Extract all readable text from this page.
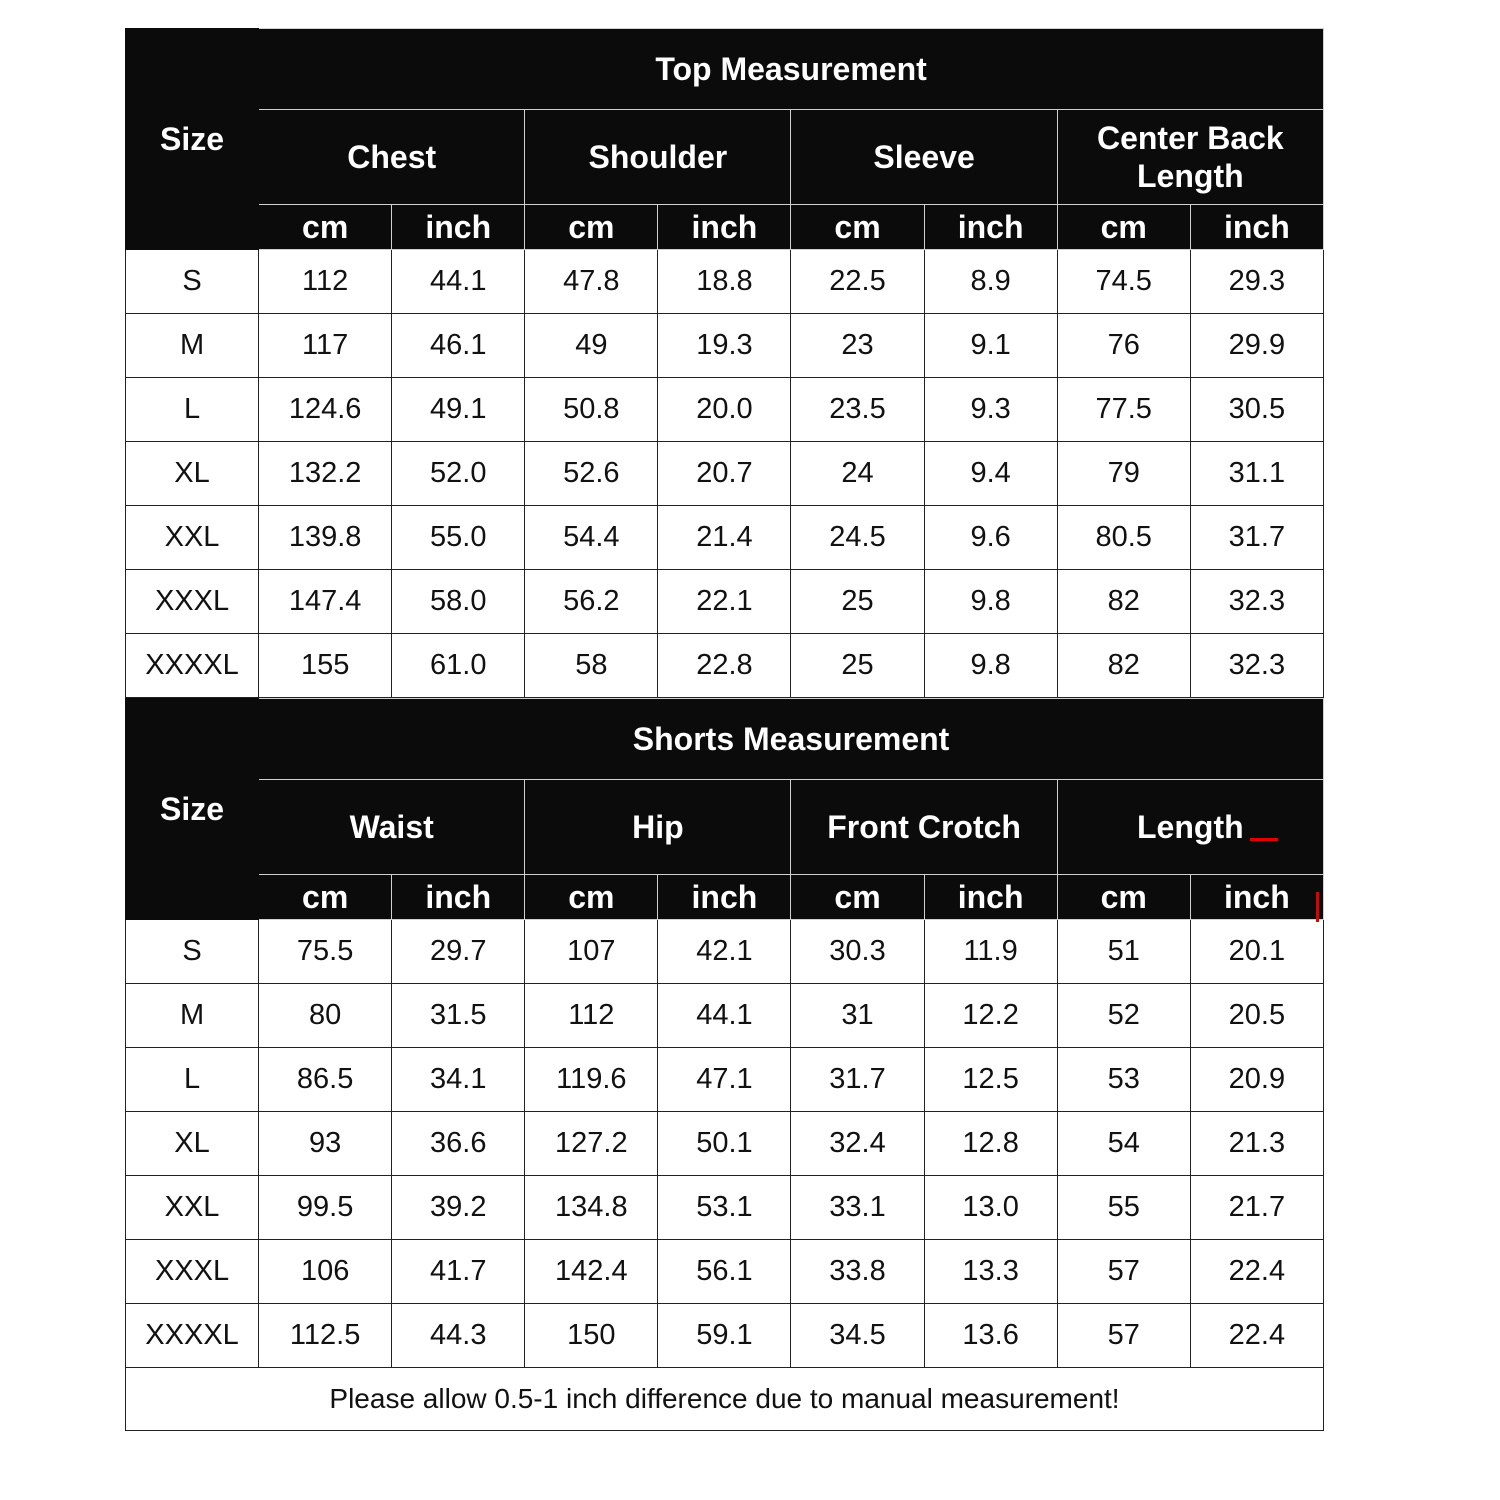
Size	Top Measurement							
	Chest		Shoulder		Sleeve		Center Back Length	
	cm	inch	cm	inch	cm	inch	cm	inch
S	112	44.1	47.8	18.8	22.5	8.9	74.5	29.3
M	117	46.1	49	19.3	23	9.1	76	29.9
L	124.6	49.1	50.8	20.0	23.5	9.3	77.5	30.5
XL	132.2	52.0	52.6	20.7	24	9.4	79	31.1
XXL	139.8	55.0	54.4	21.4	24.5	9.6	80.5	31.7
XXXL	147.4	58.0	56.2	22.1	25	9.8	82	32.3
XXXXL	155	61.0	58	22.8	25	9.8	82	32.3
Size	Shorts Measurement							
	Waist		Hip		Front Crotch		Length	
	cm	inch	cm	inch	cm	inch	cm	inch
S	75.5	29.7	107	42.1	30.3	11.9	51	20.1
M	80	31.5	112	44.1	31	12.2	52	20.5
L	86.5	34.1	119.6	47.1	31.7	12.5	53	20.9
XL	93	36.6	127.2	50.1	32.4	12.8	54	21.3
XXL	99.5	39.2	134.8	53.1	33.1	13.0	55	21.7
XXXL	106	41.7	142.4	56.1	33.8	13.3	57	22.4
XXXXL	112.5	44.3	150	59.1	34.5	13.6	57	22.4
Please allow 0.5-1 inch difference due to manual measurement!
